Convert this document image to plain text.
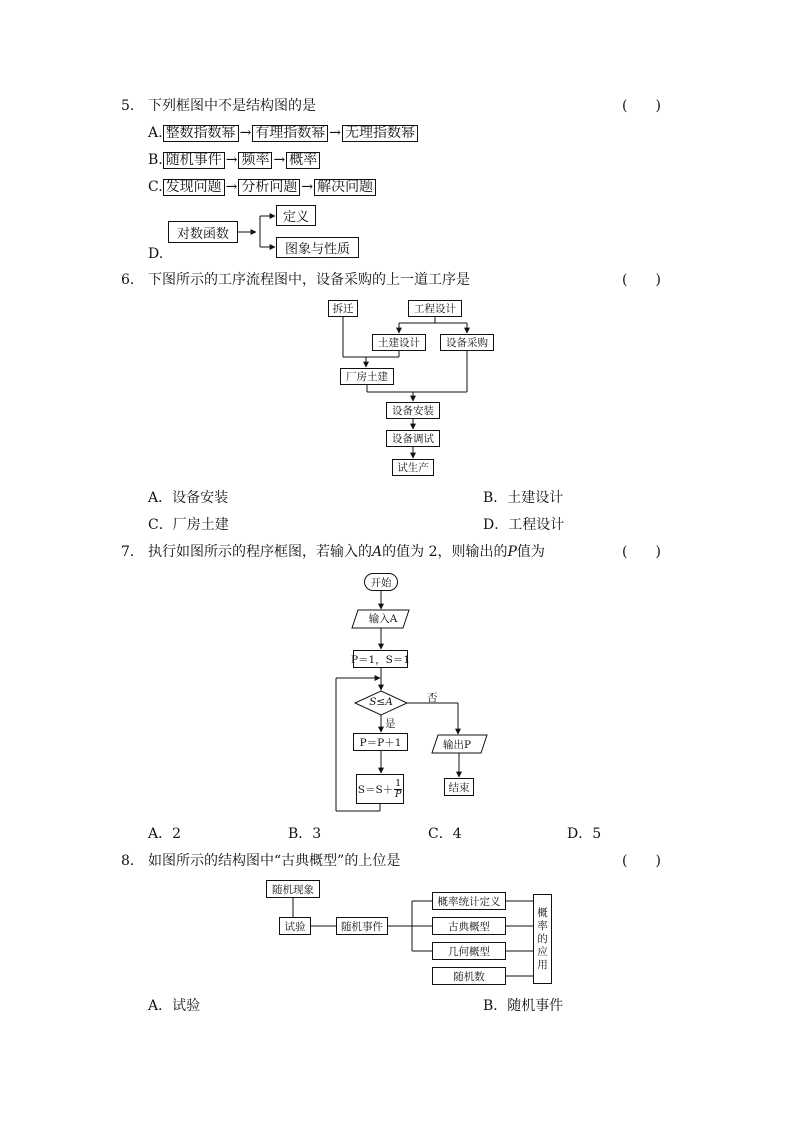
5． 下列框图中不是结构图的是	(　　)
A. 整数指数幂 → 有理指数幂 → 无理指数幂
B. 随机事件 → 频率 → 概率
C. 发现问题 → 分析问题 → 解决问题
D.
对数函数
定义
图象与性质
6． 下图所示的工序流程图中，设备采购的上一道工序是	(　　)
拆迁	工程设计
土建设计	设备采购
厂房土建
设备安装
设备调试
试生产
A．设备安装	B．土建设计
C．厂房土建	D．工程设计
7． 执行如图所示的程序框图，若输入的A的值为 2，则输出的P值为	(　　)
开始
输入A
P＝1，S＝1
S≤A	否
是
P＝P＋1
$S=S+ \frac{1}{P}$
输出P
结束
A．2	B．3	C．4	D．5
8． 如图所示的结构图中“古典概型”的上位是	(　　)
随机现象
试验	随机事件
概率统计定义
古典概型
几何概型
随机数
概率的应用
A．试验	B．随机事件
